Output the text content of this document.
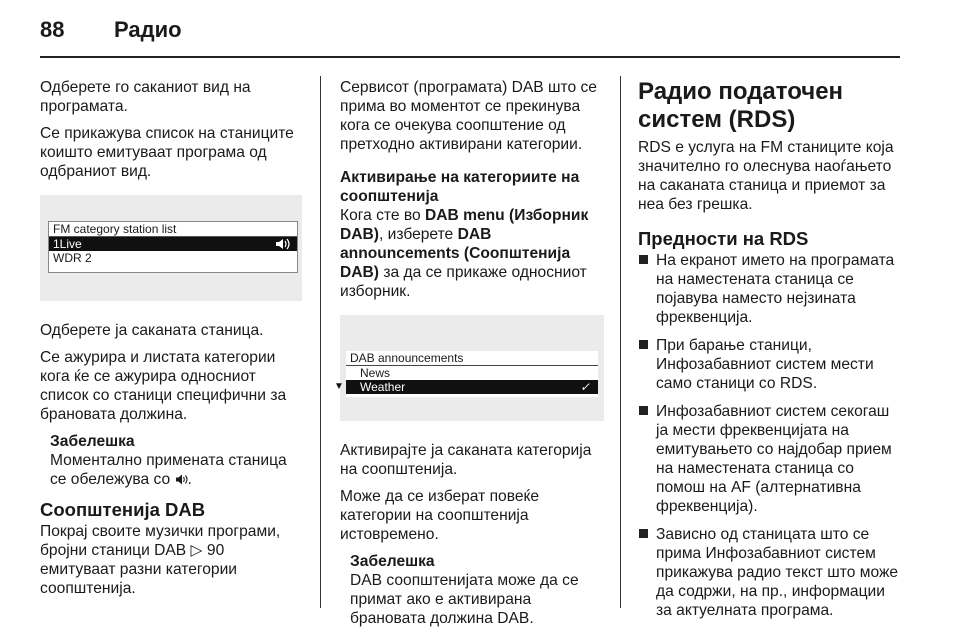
88 Радио

Одберете го саканиот вид на програмата.

Се прикажува список на станиците коишто емитуваат програма од одбраниот вид.

FM category station list
1Live
WDR 2

Одберете ја саканата станица.

Се ажурира и листата категории кога ќе се ажурира односниот список со станици специфични за брановата должина.

Забелешка
Моментално примената станица се обележува со .
Соопштенија DAB

Покрај своите музички програми, бројни станици DAB ▷ 90 емитуваат разни категории соопштенија.

Сервисот (програмата) DAB што се прима во моментот се прекинува кога се очекува соопштение од претходно активирани категории.

Активирање на категориите на соопштенија

Кога сте во DAB menu (Изборник DAB), изберете DAB announcements (Соопштенија DAB) за да се прикаже односниот изборник.

DAB announcements
News
▼ Weather	✓

Активирајте ја саканата категорија на соопштенија.

Може да се изберат повеќе категории на соопштенија истовремено.

Забелешка
DAB соопштенијата може да се примат ако е активирана брановата должина DAB.
Радио податочен систем (RDS)

RDS е услуга на FM станиците која значително го олеснува наоѓањето на саканата станица и приемот за неа без грешка.

Предности на RDS
На екранот името на програмата на наместената станица се појавува наместо нејзината фреквенција.
При барање станици, Инфозабавниот систем мести само станици со RDS.
Инфозабавниот систем секогаш ја мести фреквенцијата на емитувањето со најдобар прием на наместената станица со помош на AF (алтернативна фреквенција).
Зависно од станицата што се прима Инфозабавниот систем прикажува радио текст што може да содржи, на пр., информации за актуелната програма.
